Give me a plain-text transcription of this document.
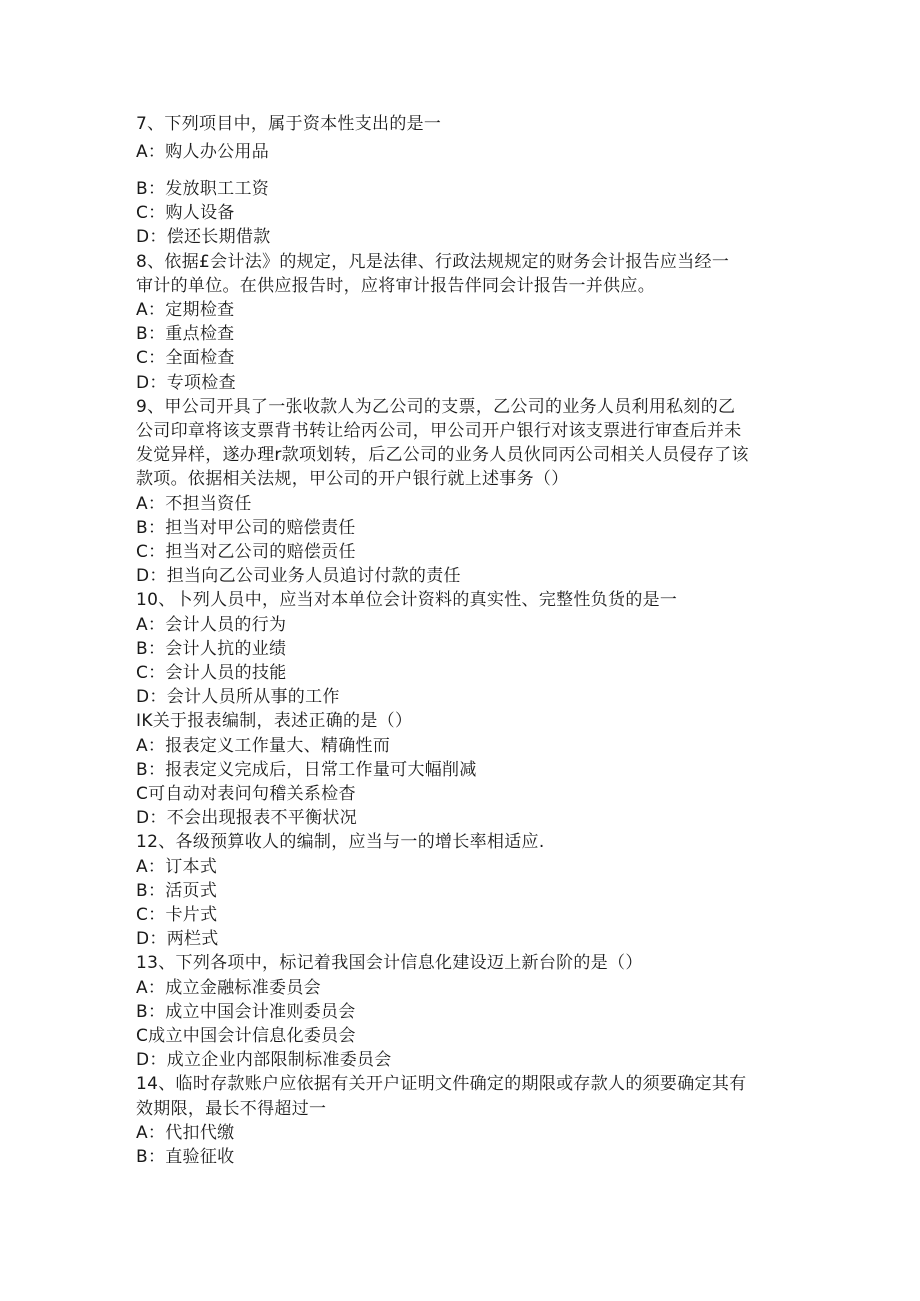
7、下列项目中，属于资本性支出的是一
A：购人办公用品
B：发放职工工资
C：购人设备
D：偿还长期借款
8、依据£会计法》的规定，凡是法律、行政法规规定的财务会计报告应当经一
审计的单位。在供应报告时，应将审计报告伴同会计报告一并供应。
A：定期检查
B：重点检查
C：全面检查
D：专项检查
9、甲公司开具了一张收款人为乙公司的支票，乙公司的业务人员利用私刻的乙
公司印章将该支票背书转让给丙公司，甲公司开户银行对该支票进行审查后并未
发觉异样，遂办理r款项划转，后乙公司的业务人员伙同丙公司相关人员侵存了该
款项。依据相关法规，甲公司的开户银行就上述事务（）
A：不担当资任
B：担当对甲公司的赔偿责任
C：担当对乙公司的赔偿贡任
D：担当向乙公司业务人员追讨付款的责任
10、卜列人员中，应当对本单位会计资料的真实性、完整性负货的是一
A：会计人员的行为
B：会计人抗的业绩
C：会计人员的技能
D：会计人员所从事的工作
IK关于报表编制，表述正确的是（）
A：报表定义工作量大、精确性而
B：报表定义完成后，日常工作量可大幅削减
C可自动对表问句稽关系检杳
D：不会出现报表不平衡状况
12、各级预算收人的编制，应当与一的增长率相适应.
A：订本式
B：活页式
C：卡片式
D：两栏式
13、下列各项中，标记着我国会计信息化建设迈上新台阶的是（）
A：成立金融标准委员会
B：成立中国会计准则委员会
C成立中国会计信息化委员会
D：成立企业内部限制标准委员会
14、临时存款账户应依据有关开户证明文件确定的期限或存款人的须要确定其有
效期限，最长不得超过一
A：代扣代缴
B：直验征收
